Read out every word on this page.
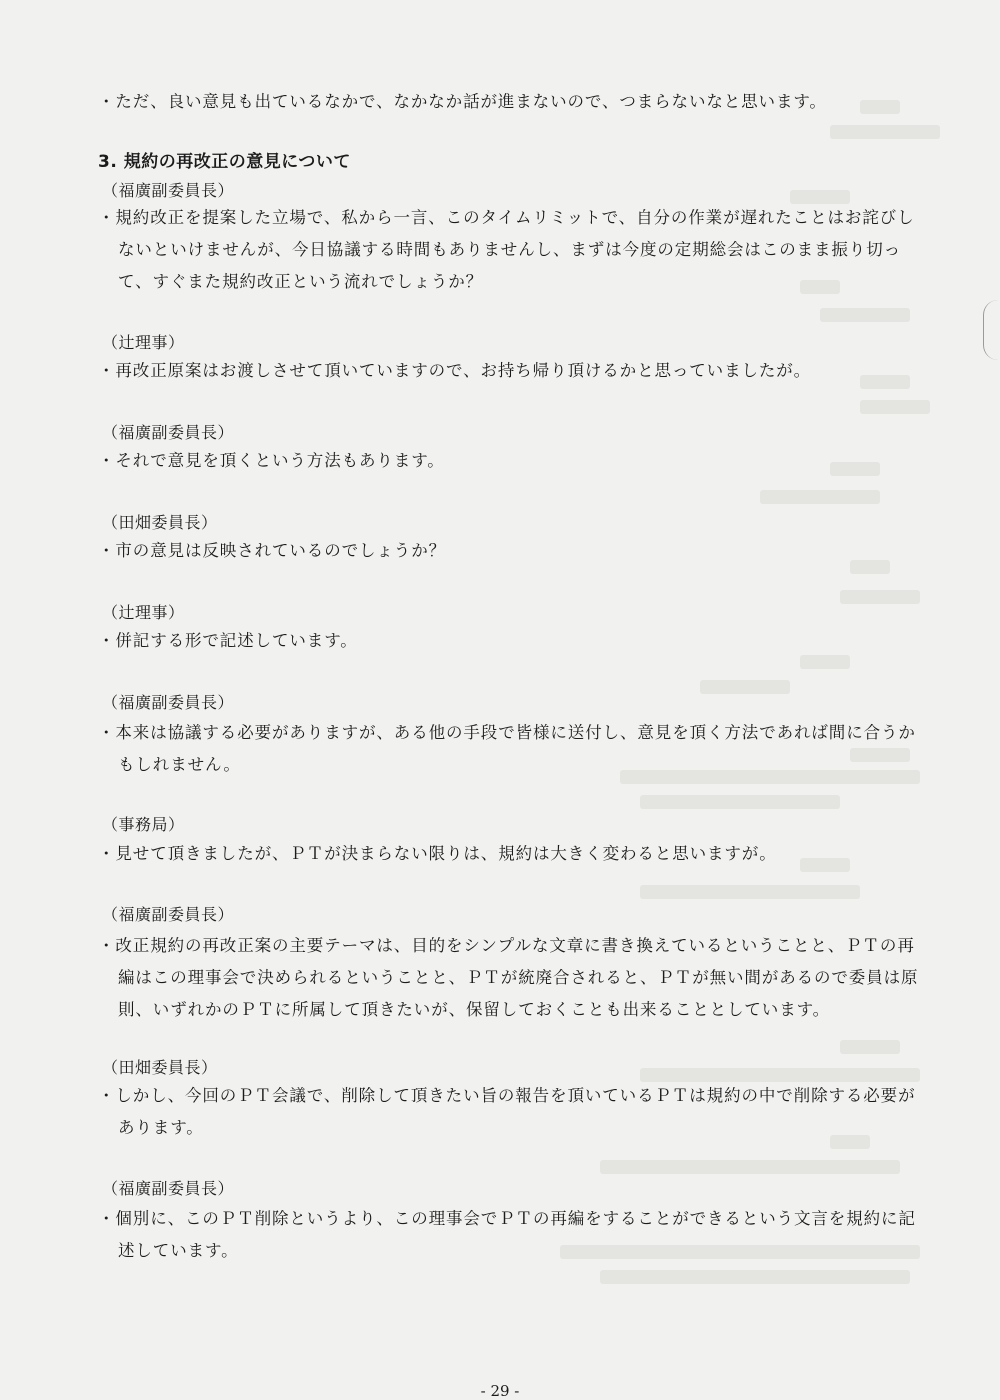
・ただ、良い意見も出ているなかで、なかなか話が進まないので、つまらないなと思います。

3. 規約の再改正の意見について
（福廣副委員長）

・規約改正を提案した立場で、私から一言、このタイムリミットで、自分の作業が遅れたことはお詫びしないといけませんが、今日協議する時間もありませんし、まずは今度の定期総会はこのまま振り切って、すぐまた規約改正という流れでしょうか？

（辻理事）

・再改正原案はお渡しさせて頂いていますので、お持ち帰り頂けるかと思っていましたが。

（福廣副委員長）

・それで意見を頂くという方法もあります。

（田畑委員長）

・市の意見は反映されているのでしょうか？

（辻理事）

・併記する形で記述しています。

（福廣副委員長）

・本来は協議する必要がありますが、ある他の手段で皆様に送付し、意見を頂く方法であれば間に合うかもしれません。

（事務局）

・見せて頂きましたが、ＰＴが決まらない限りは、規約は大きく変わると思いますが。

（福廣副委員長）

・改正規約の再改正案の主要テーマは、目的をシンプルな文章に書き換えているということと、ＰＴの再編はこの理事会で決められるということと、ＰＴが統廃合されると、ＰＴが無い間があるので委員は原則、いずれかのＰＴに所属して頂きたいが、保留しておくことも出来ることとしています。

（田畑委員長）

・しかし、今回のＰＴ会議で、削除して頂きたい旨の報告を頂いているＰＴは規約の中で削除する必要があります。

（福廣副委員長）

・個別に、このＰＴ削除というより、この理事会でＰＴの再編をすることができるという文言を規約に記述しています。

- 29 -
